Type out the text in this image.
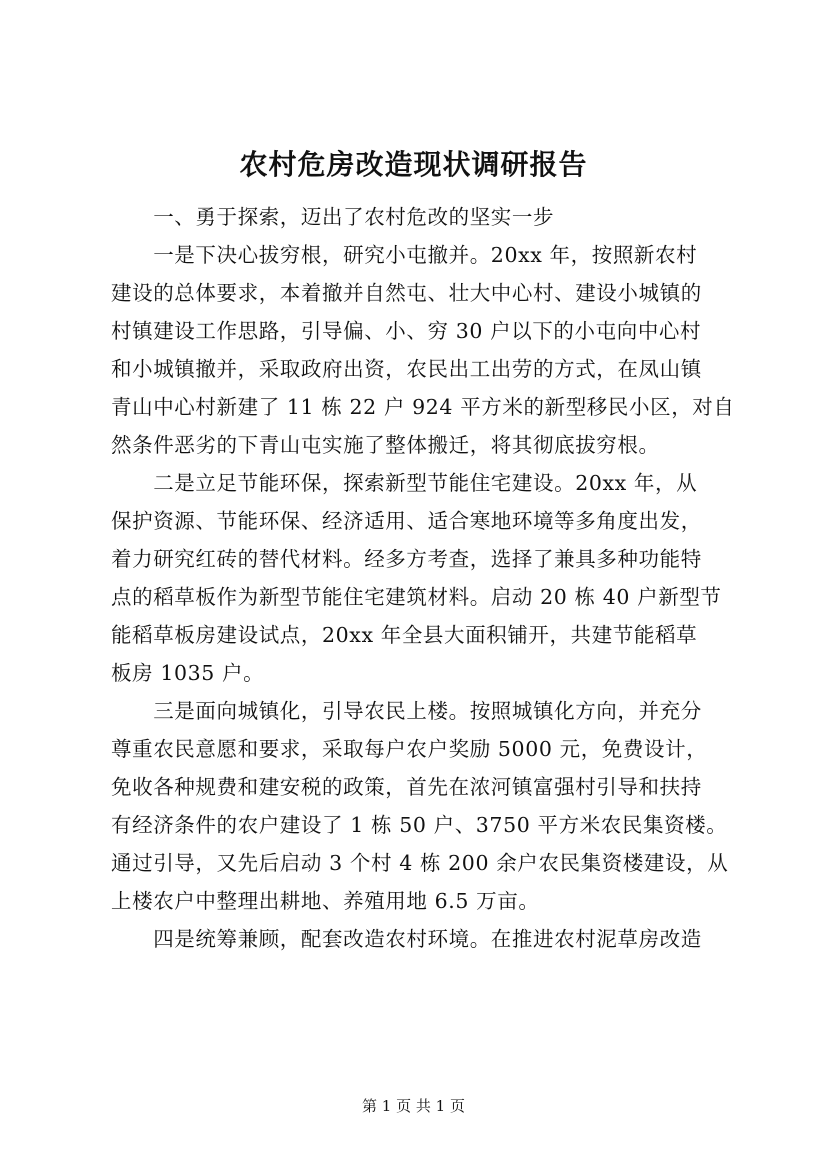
农村危房改造现状调研报告
　　一、勇于探索，迈出了农村危改的坚实一步
　　一是下决心拔穷根，研究小屯撤并。20xx 年，按照新农村
建设的总体要求，本着撤并自然屯、壮大中心村、建设小城镇的
村镇建设工作思路，引导偏、小、穷 30 户以下的小屯向中心村
和小城镇撤并，采取政府出资，农民出工出劳的方式，在凤山镇
青山中心村新建了 11 栋 22 户 924 平方米的新型移民小区，对自
然条件恶劣的下青山屯实施了整体搬迁，将其彻底拔穷根。
　　二是立足节能环保，探索新型节能住宅建设。20xx 年，从
保护资源、节能环保、经济适用、适合寒地环境等多角度出发，
着力研究红砖的替代材料。经多方考查，选择了兼具多种功能特
点的稻草板作为新型节能住宅建筑材料。启动 20 栋 40 户新型节
能稻草板房建设试点，20xx 年全县大面积铺开，共建节能稻草
板房 1035 户。
　　三是面向城镇化，引导农民上楼。按照城镇化方向，并充分
尊重农民意愿和要求，采取每户农户奖励 5000 元，免费设计，
免收各种规费和建安税的政策，首先在浓河镇富强村引导和扶持
有经济条件的农户建设了 1 栋 50 户、3750 平方米农民集资楼。
通过引导，又先后启动 3 个村 4 栋 200 余户农民集资楼建设，从
上楼农户中整理出耕地、养殖用地 6.5 万亩。
　　四是统筹兼顾，配套改造农村环境。在推进农村泥草房改造
第 1 页 共 1 页
